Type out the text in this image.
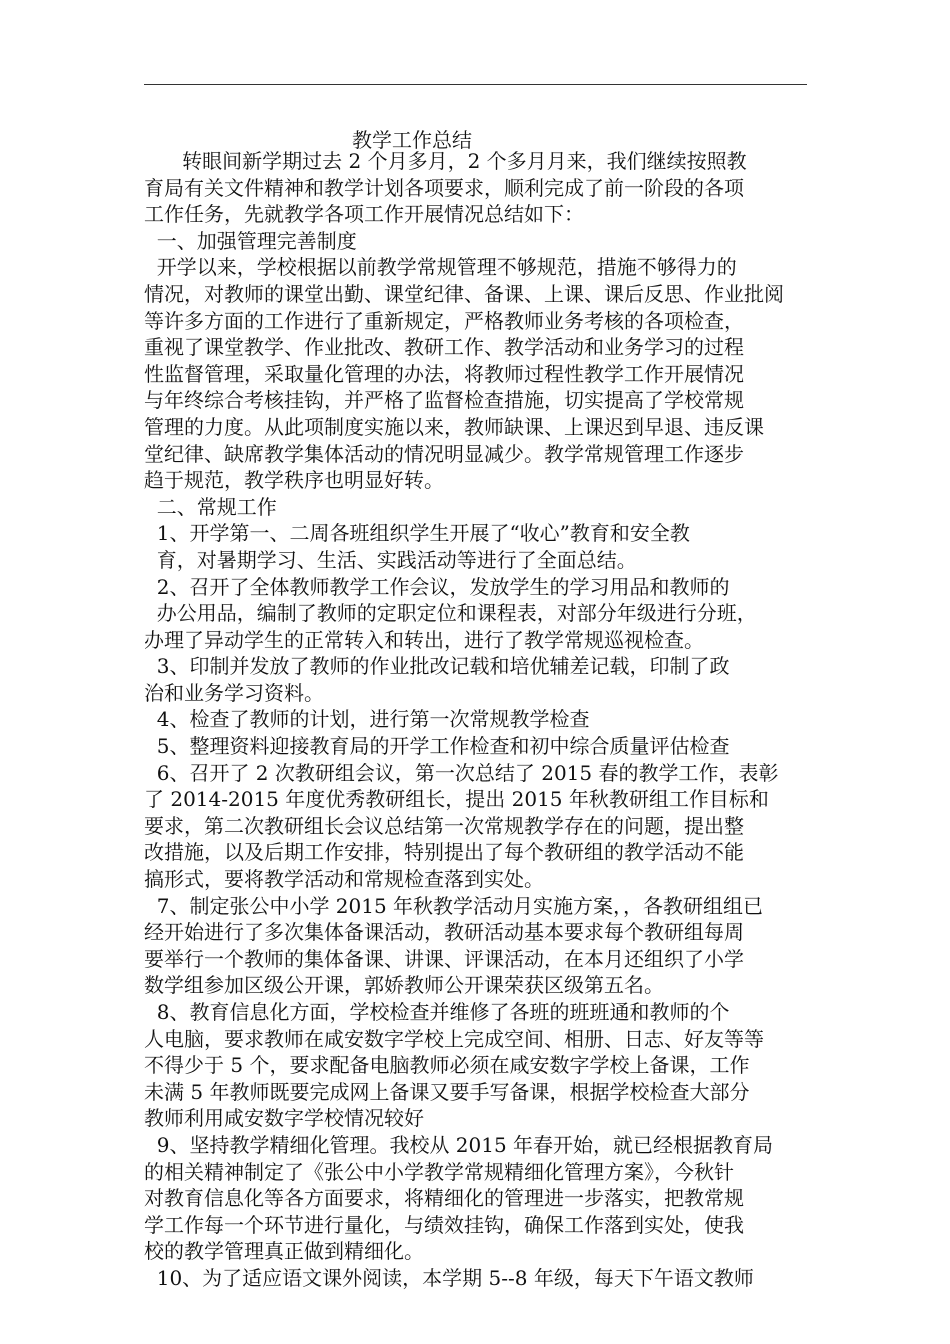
教学工作总结
转眼间新学期过去 2 个月多月，2 个多月月来，我们继续按照教
育局有关文件精神和教学计划各项要求，顺利完成了前一阶段的各项
工作任务，先就教学各项工作开展情况总结如下：
一、加强管理完善制度
开学以来，学校根据以前教学常规管理不够规范，措施不够得力的
情况，对教师的课堂出勤、课堂纪律、备课、上课、课后反思、作业批阅
等许多方面的工作进行了重新规定，严格教师业务考核的各项检查，
重视了课堂教学、作业批改、教研工作、教学活动和业务学习的过程
性监督管理，采取量化管理的办法，将教师过程性教学工作开展情况
与年终综合考核挂钩，并严格了监督检查措施，切实提高了学校常规
管理的力度。从此项制度实施以来，教师缺课、上课迟到早退、违反课
堂纪律、缺席教学集体活动的情况明显减少。教学常规管理工作逐步
趋于规范，教学秩序也明显好转。
二、常规工作
1、开学第一、二周各班组织学生开展了“收心”教育和安全教
育，对暑期学习、生活、实践活动等进行了全面总结。
2、召开了全体教师教学工作会议，发放学生的学习用品和教师的
办公用品，编制了教师的定职定位和课程表，对部分年级进行分班，
办理了异动学生的正常转入和转出，进行了教学常规巡视检查。
3、印制并发放了教师的作业批改记载和培优辅差记载，印制了政
治和业务学习资料。
4、检查了教师的计划，进行第一次常规教学检查
5、整理资料迎接教育局的开学工作检查和初中综合质量评估检查
6、召开了 2 次教研组会议，第一次总结了 2015 春的教学工作，表彰
了 2014-2015 年度优秀教研组长，提出 2015 年秋教研组工作目标和
要求，第二次教研组长会议总结第一次常规教学存在的问题，提出整
改措施，以及后期工作安排，特别提出了每个教研组的教学活动不能
搞形式，要将教学活动和常规检查落到实处。
7、制定张公中小学 2015 年秋教学活动月实施方案，，各教研组组已
经开始进行了多次集体备课活动，教研活动基本要求每个教研组每周
要举行一个教师的集体备课、讲课、评课活动，在本月还组织了小学
数学组参加区级公开课，郭娇教师公开课荣获区级第五名。
8、教育信息化方面，学校检查并维修了各班的班班通和教师的个
人电脑，要求教师在咸安数字学校上完成空间、相册、日志、好友等等
不得少于 5 个，要求配备电脑教师必须在咸安数字学校上备课，工作
未满 5 年教师既要完成网上备课又要手写备课，根据学校检查大部分
教师利用咸安数字学校情况较好
9、坚持教学精细化管理。我校从 2015 年春开始，就已经根据教育局
的相关精神制定了《张公中小学教学常规精细化管理方案》，今秋针
对教育信息化等各方面要求，将精细化的管理进一步落实，把教常规
学工作每一个环节进行量化，与绩效挂钩，确保工作落到实处，使我
校的教学管理真正做到精细化。
10、为了适应语文课外阅读，本学期 5--8 年级，每天下午语文教师
